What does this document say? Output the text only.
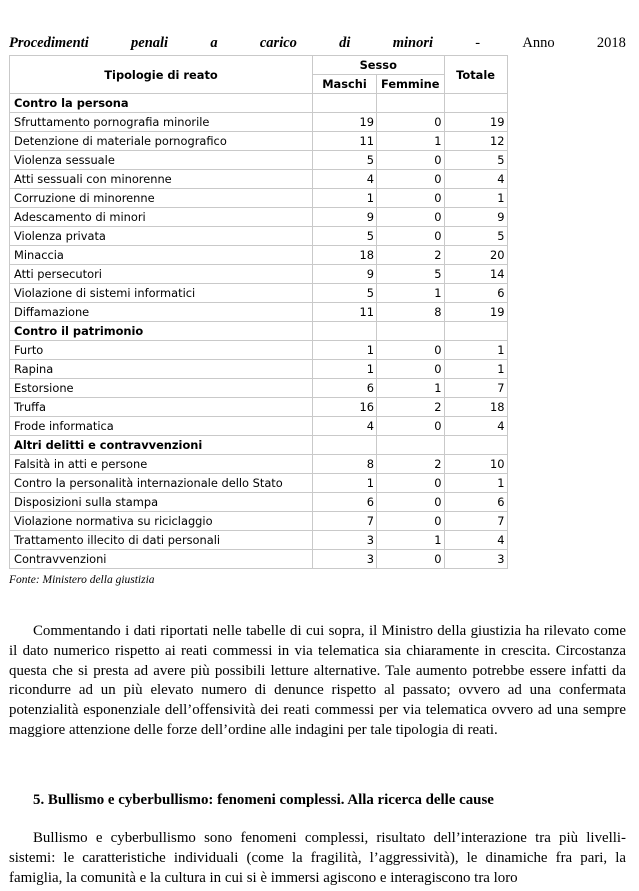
Procedimenti	penali	a	carico	di	minori	-	Anno	2018
Tipologie di reato	Sesso		Totale
	Maschi	Femmine	
Contro la persona			
Sfruttamento pornografia minorile	19	0	19
Detenzione di materiale pornografico	11	1	12
Violenza sessuale	5	0	5
Atti sessuali con minorenne	4	0	4
Corruzione di minorenne	1	0	1
Adescamento di minori	9	0	9
Violenza privata	5	0	5
Minaccia	18	2	20
Atti persecutori	9	5	14
Violazione di sistemi informatici	5	1	6
Diffamazione	11	8	19
Contro il patrimonio			
Furto	1	0	1
Rapina	1	0	1
Estorsione	6	1	7
Truffa	16	2	18
Frode informatica	4	0	4
Altri delitti e contravvenzioni			
Falsità in atti e persone	8	2	10
Contro la personalità internazionale dello Stato	1	0	1
Disposizioni sulla stampa	6	0	6
Violazione normativa su riciclaggio	7	0	7
Trattamento illecito di dati personali	3	1	4
Contravvenzioni	3	0	3
Fonte: Ministero della giustizia

Commentando i dati riportati nelle tabelle di cui sopra, il Ministro della giustizia ha rilevato come il dato numerico rispetto ai reati commessi in via telematica sia chiaramente in crescita. Circostanza questa che si presta ad avere più possibili letture alternative. Tale aumento potrebbe essere infatti da ricondurre ad un più elevato numero di denunce rispetto al passato; ovvero ad una confermata potenzialità esponenziale dell’offensività dei reati commessi per via telematica ovvero ad una sempre maggiore attenzione delle forze dell’ordine alle indagini per tale tipologia di reati.

5. Bullismo e cyberbullismo: fenomeni complessi. Alla ricerca delle cause

Bullismo e cyberbullismo sono fenomeni complessi, risultato dell’interazione tra più livelli-sistemi: le caratteristiche individuali (come la fragilità, l’aggressività), le dinamiche fra pari, la famiglia, la comunità e la cultura in cui si è immersi agiscono e interagiscono tra loro
